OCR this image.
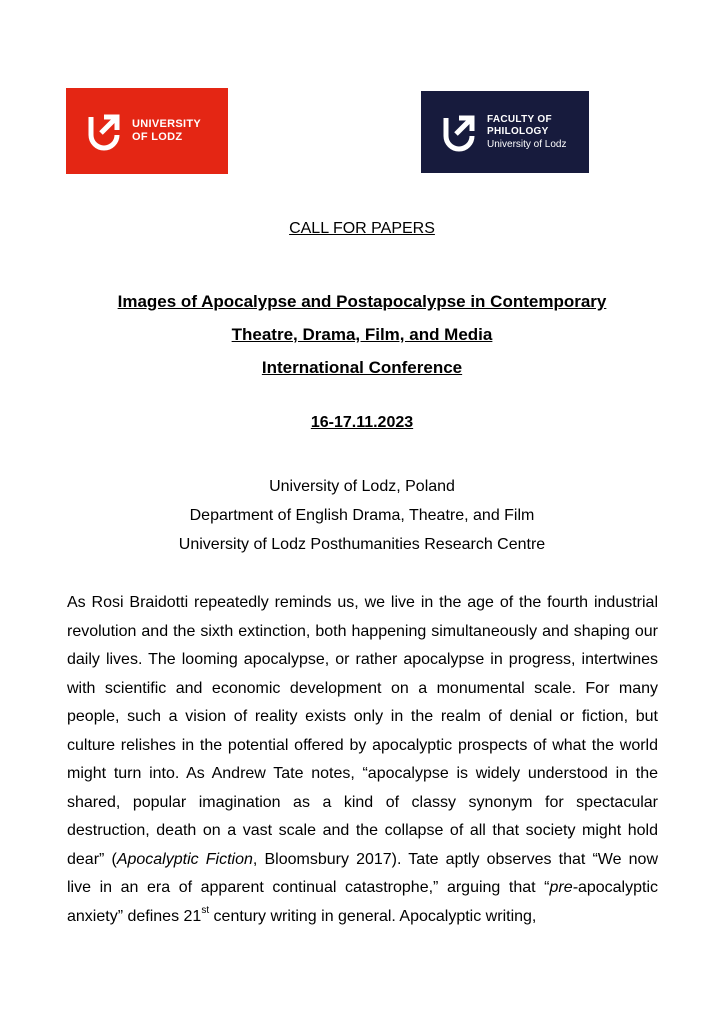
UNIVERSITY
OF LODZ
FACULTY OF
PHILOLOGY
University of Lodz
CALL FOR PAPERS
Images of Apocalypse and Postapocalypse in Contemporary
Theatre, Drama, Film, and Media
International Conference
16-17.11.2023
University of Lodz, Poland
Department of English Drama, Theatre, and Film
University of Lodz Posthumanities Research Centre

As Rosi Braidotti repeatedly reminds us, we live in the age of the fourth industrial revolution and the sixth extinction, both happening simultaneously and shaping our daily lives. The looming apocalypse, or rather apocalypse in progress, intertwines with scientific and economic development on a monumental scale. For many people, such a vision of reality exists only in the realm of denial or fiction, but culture relishes in the potential offered by apocalyptic prospects of what the world might turn into. As Andrew Tate notes, “apocalypse is widely understood in the shared, popular imagination as a kind of classy synonym for spectacular destruction, death on a vast scale and the collapse of all that society might hold dear” (Apocalyptic Fiction, Bloomsbury 2017). Tate aptly observes that “We now live in an era of apparent continual catastrophe,” arguing that “pre-apocalyptic anxiety” defines 21st century writing in general. Apocalyptic writing,
